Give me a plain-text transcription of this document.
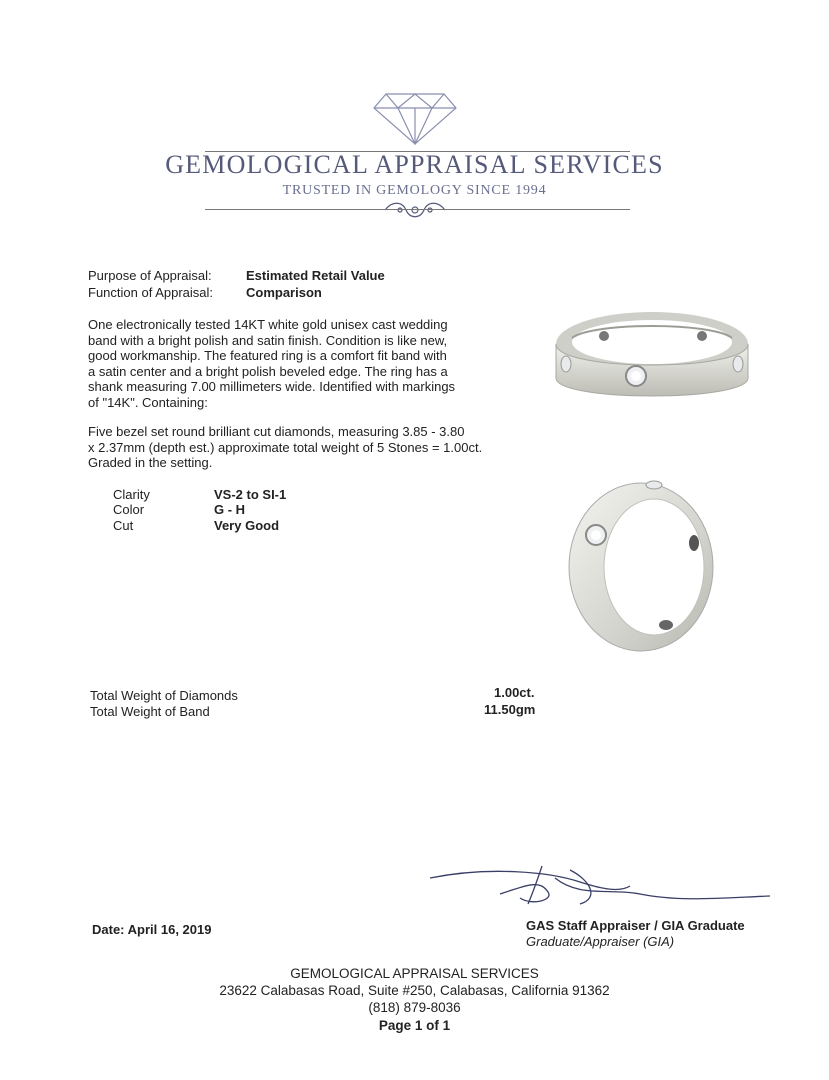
GEMOLOGICAL APPRAISAL SERVICES
TRUSTED IN GEMOLOGY SINCE 1994
Purpose of Appraisal:	Estimated Retail Value
Function of Appraisal:	Comparison
One electronically tested 14KT white gold unisex cast wedding
band with a bright polish and satin finish. Condition is like new,
good workmanship. The featured ring is a comfort fit band with
a satin center and a bright polish beveled edge. The ring has a
shank measuring 7.00 millimeters wide. Identified with markings
of "14K". Containing:
Five bezel set round brilliant cut diamonds, measuring 3.85 - 3.80
x 2.37mm (depth est.) approximate total weight of 5 Stones = 1.00ct.
Graded in the setting.
Clarity	VS-2 to SI-1
Color	G - H
Cut	Very Good
Total Weight of Diamonds	1.00ct.
Total Weight of Band	11.50gm
Date: April 16, 2019	GAS Staff Appraiser / GIA Graduate
Graduate/Appraiser (GIA)
GEMOLOGICAL APPRAISAL SERVICES
23622 Calabasas Road, Suite #250, Calabasas, California 91362
(818) 879-8036
Page 1 of 1
